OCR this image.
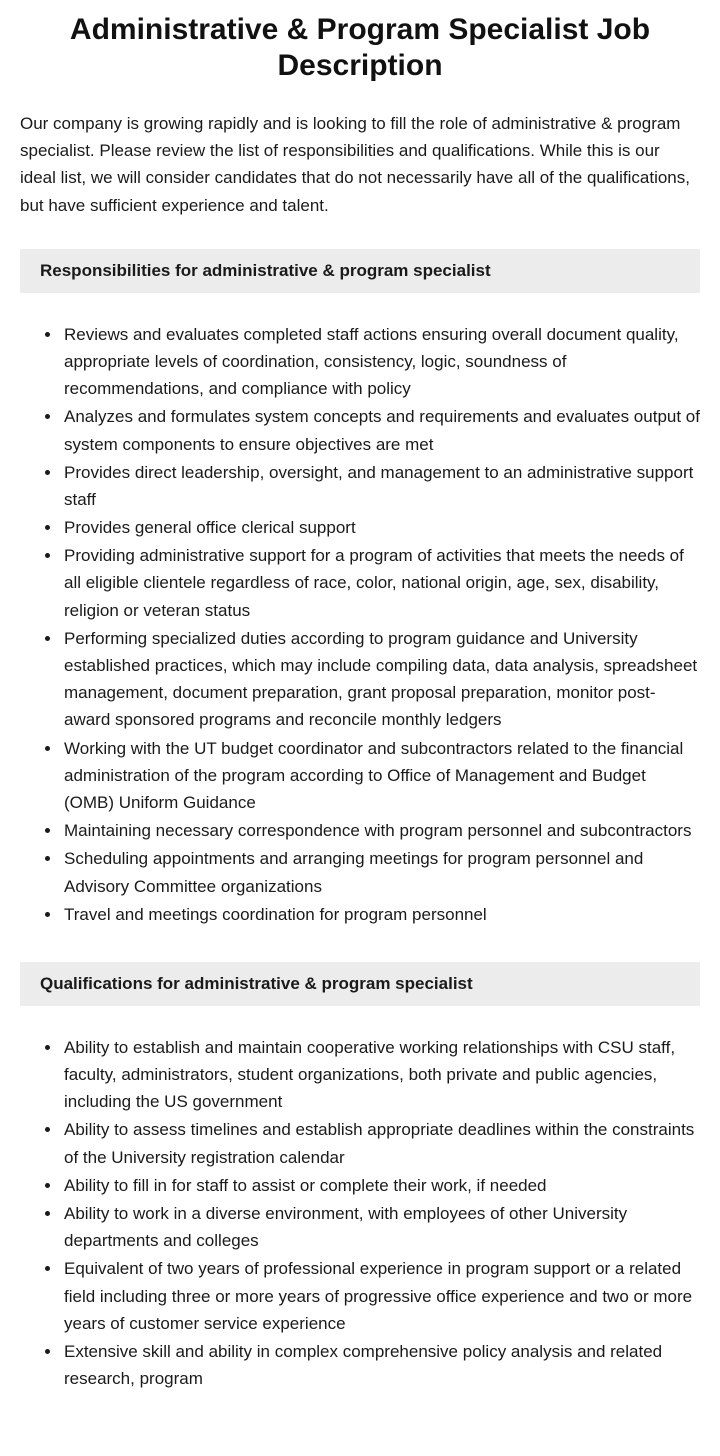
Administrative & Program Specialist Job Description

Our company is growing rapidly and is looking to fill the role of administrative & program specialist. Please review the list of responsibilities and qualifications. While this is our ideal list, we will consider candidates that do not necessarily have all of the qualifications, but have sufficient experience and talent.

Responsibilities for administrative & program specialist
• Reviews and evaluates completed staff actions ensuring overall document quality, appropriate levels of coordination, consistency, logic, soundness of recommendations, and compliance with policy
• Analyzes and formulates system concepts and requirements and evaluates output of system components to ensure objectives are met
• Provides direct leadership, oversight, and management to an administrative support staff
• Provides general office clerical support
• Providing administrative support for a program of activities that meets the needs of all eligible clientele regardless of race, color, national origin, age, sex, disability, religion or veteran status
• Performing specialized duties according to program guidance and University established practices, which may include compiling data, data analysis, spreadsheet management, document preparation, grant proposal preparation, monitor post-award sponsored programs and reconcile monthly ledgers
• Working with the UT budget coordinator and subcontractors related to the financial administration of the program according to Office of Management and Budget (OMB) Uniform Guidance
• Maintaining necessary correspondence with program personnel and subcontractors
• Scheduling appointments and arranging meetings for program personnel and Advisory Committee organizations
• Travel and meetings coordination for program personnel
Qualifications for administrative & program specialist
• Ability to establish and maintain cooperative working relationships with CSU staff, faculty, administrators, student organizations, both private and public agencies, including the US government
• Ability to assess timelines and establish appropriate deadlines within the constraints of the University registration calendar
• Ability to fill in for staff to assist or complete their work, if needed
• Ability to work in a diverse environment, with employees of other University departments and colleges
• Equivalent of two years of professional experience in program support or a related field including three or more years of progressive office experience and two or more years of customer service experience
• Extensive skill and ability in complex comprehensive policy analysis and related research, program
